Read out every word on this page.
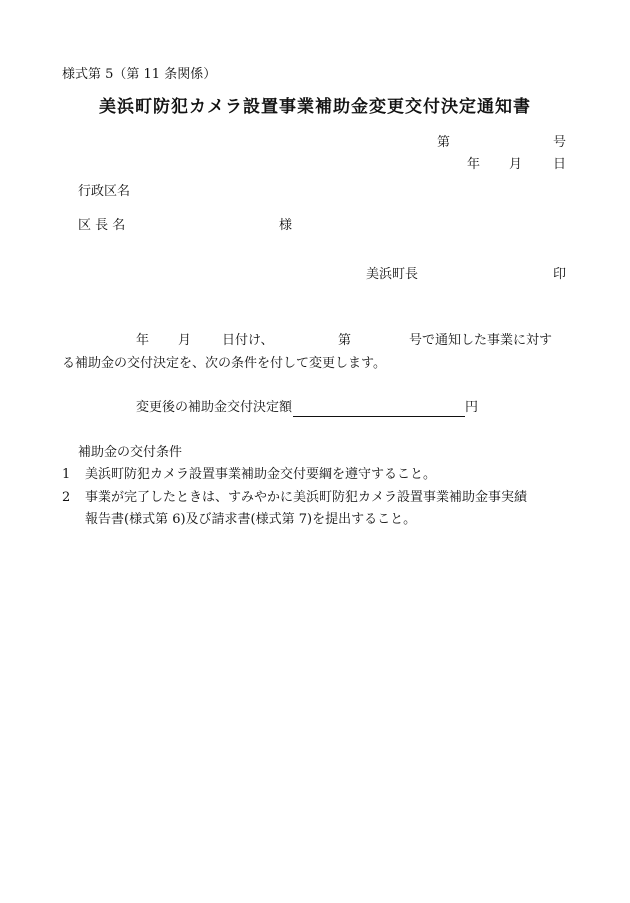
様式第 5（第 11 条関係）
美浜町防犯カメラ設置事業補助金変更交付決定通知書
第	号
年 月 日
行政区名
区 長 名	様
美浜町長	印
年 月 日付け、	第	号で通知した事業に対す
る補助金の交付決定を、次の条件を付して変更します。
変更後の補助金交付決定額	円
補助金の交付条件
1 美浜町防犯カメラ設置事業補助金交付要綱を遵守すること。
2 事業が完了したときは、すみやかに美浜町防犯カメラ設置事業補助金事実績
報告書(様式第 6)及び請求書(様式第 7)を提出すること。
